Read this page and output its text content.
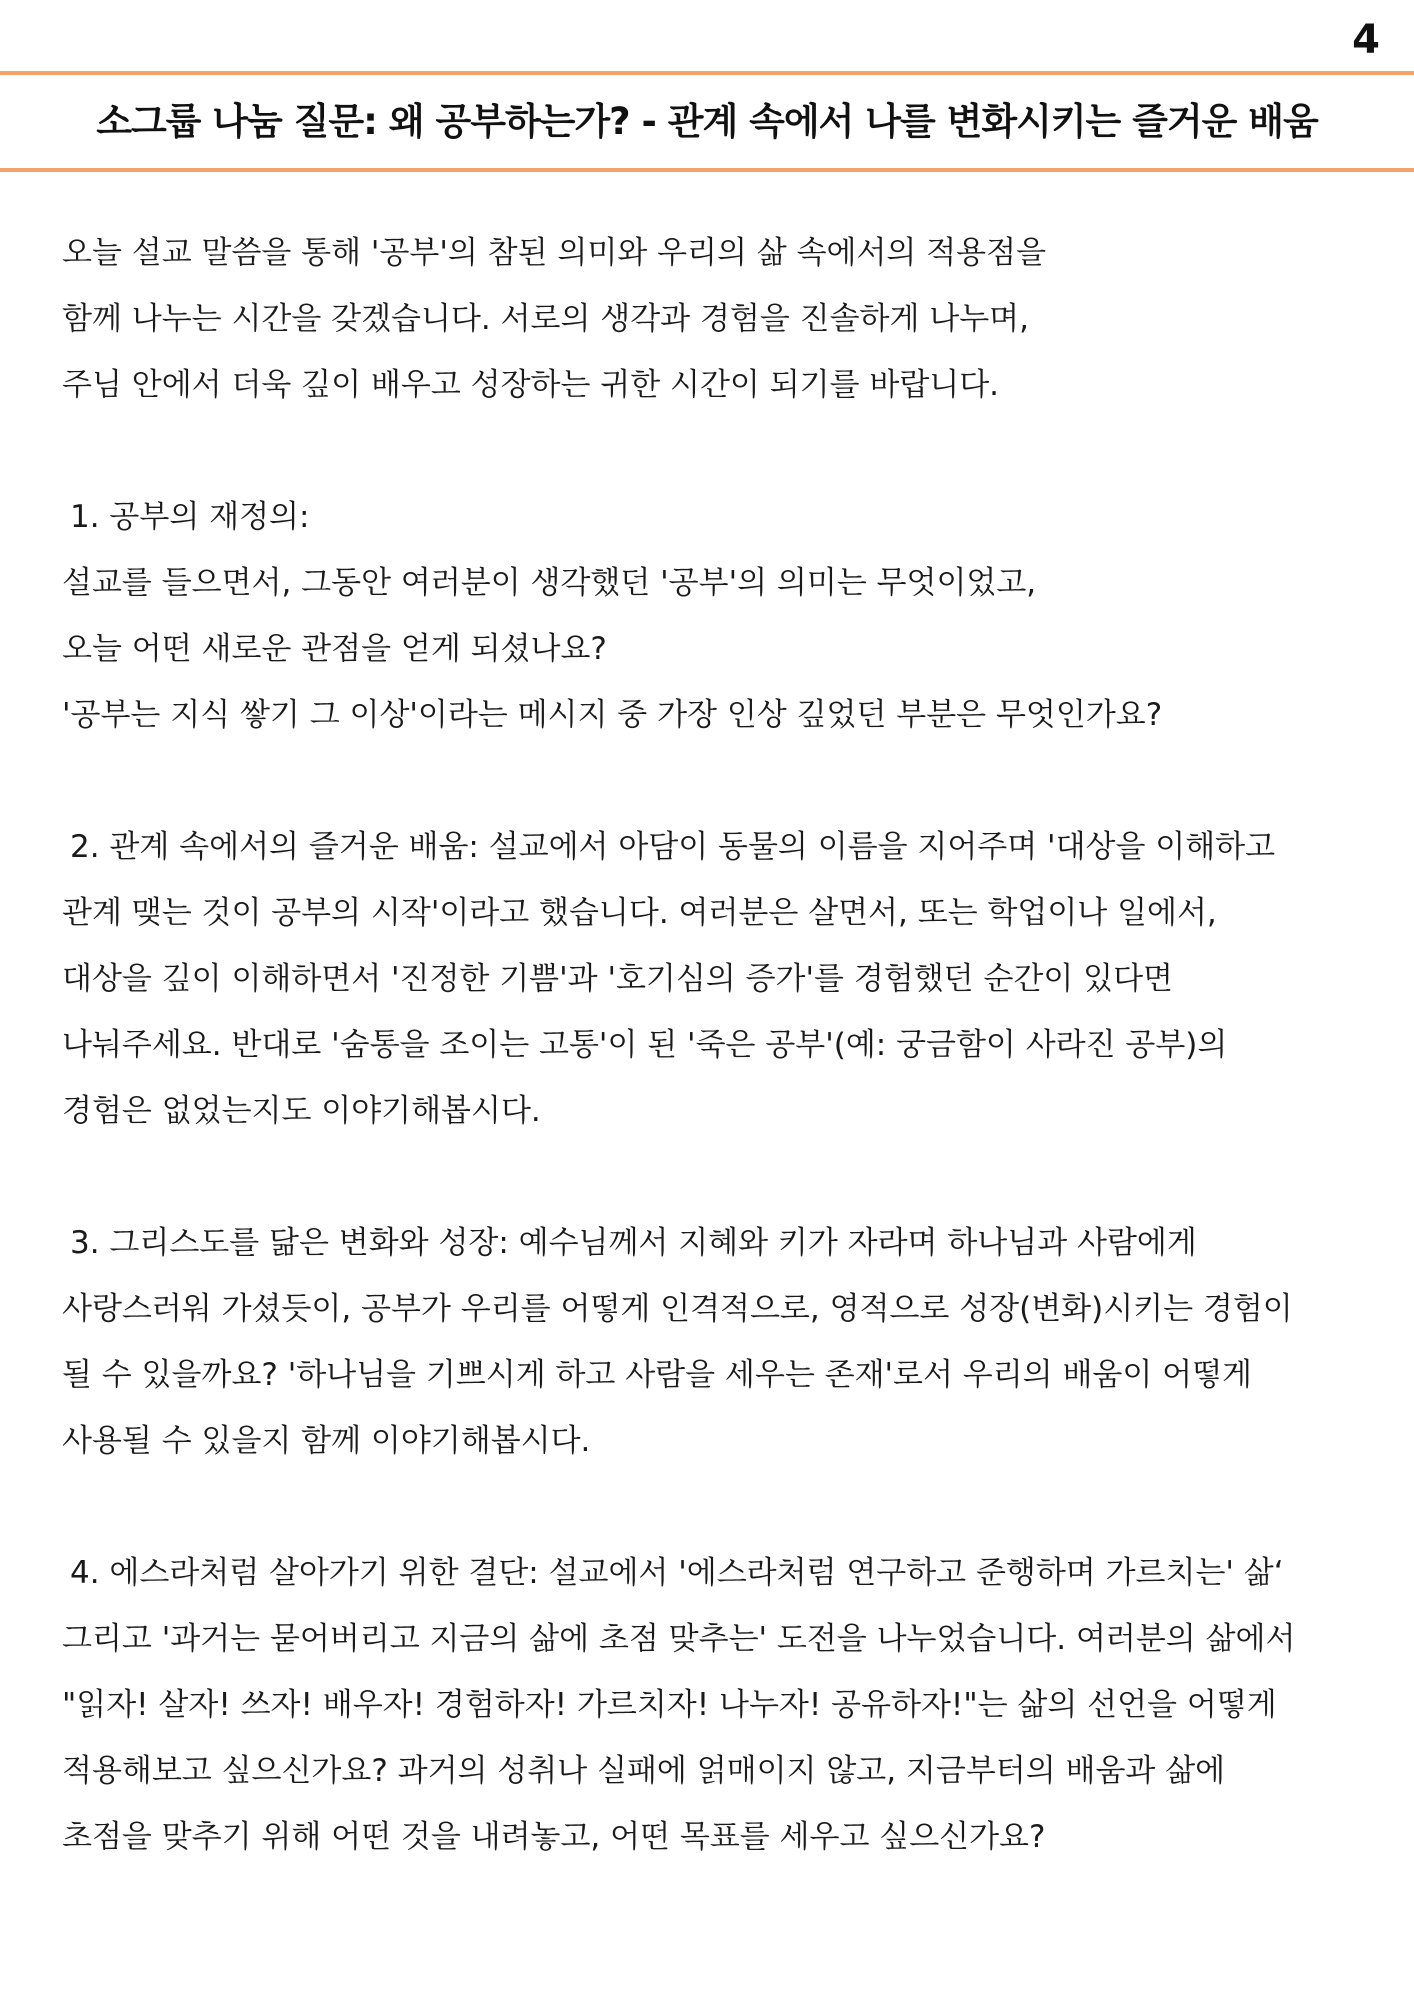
4
소그룹 나눔 질문: 왜 공부하는가? - 관계 속에서 나를 변화시키는 즐거운 배움
오늘 설교 말씀을 통해 '공부'의 참된 의미와 우리의 삶 속에서의 적용점을
함께 나누는 시간을 갖겠습니다. 서로의 생각과 경험을 진솔하게 나누며,
주님 안에서 더욱 깊이 배우고 성장하는 귀한 시간이 되기를 바랍니다.
1. 공부의 재정의:
설교를 들으면서, 그동안 여러분이 생각했던 '공부'의 의미는 무엇이었고,
오늘 어떤 새로운 관점을 얻게 되셨나요?
'공부는 지식 쌓기 그 이상'이라는 메시지 중 가장 인상 깊었던 부분은 무엇인가요?
2. 관계 속에서의 즐거운 배움: 설교에서 아담이 동물의 이름을 지어주며 '대상을 이해하고
관계 맺는 것이 공부의 시작'이라고 했습니다. 여러분은 살면서, 또는 학업이나 일에서,
대상을 깊이 이해하면서 '진정한 기쁨'과 '호기심의 증가'를 경험했던 순간이 있다면
나눠주세요. 반대로 '숨통을 조이는 고통'이 된 '죽은 공부'(예: 궁금함이 사라진 공부)의
경험은 없었는지도 이야기해봅시다.
3. 그리스도를 닮은 변화와 성장: 예수님께서 지혜와 키가 자라며 하나님과 사람에게
사랑스러워 가셨듯이, 공부가 우리를 어떻게 인격적으로, 영적으로 성장(변화)시키는 경험이
될 수 있을까요? '하나님을 기쁘시게 하고 사람을 세우는 존재'로서 우리의 배움이 어떻게
사용될 수 있을지 함께 이야기해봅시다.
4. 에스라처럼 살아가기 위한 결단: 설교에서 '에스라처럼 연구하고 준행하며 가르치는' 삶‘
그리고 '과거는 묻어버리고 지금의 삶에 초점 맞추는' 도전을 나누었습니다. 여러분의 삶에서
"읽자! 살자! 쓰자! 배우자! 경험하자! 가르치자! 나누자! 공유하자!"는 삶의 선언을 어떻게
적용해보고 싶으신가요? 과거의 성취나 실패에 얽매이지 않고, 지금부터의 배움과 삶에
초점을 맞추기 위해 어떤 것을 내려놓고, 어떤 목표를 세우고 싶으신가요?
